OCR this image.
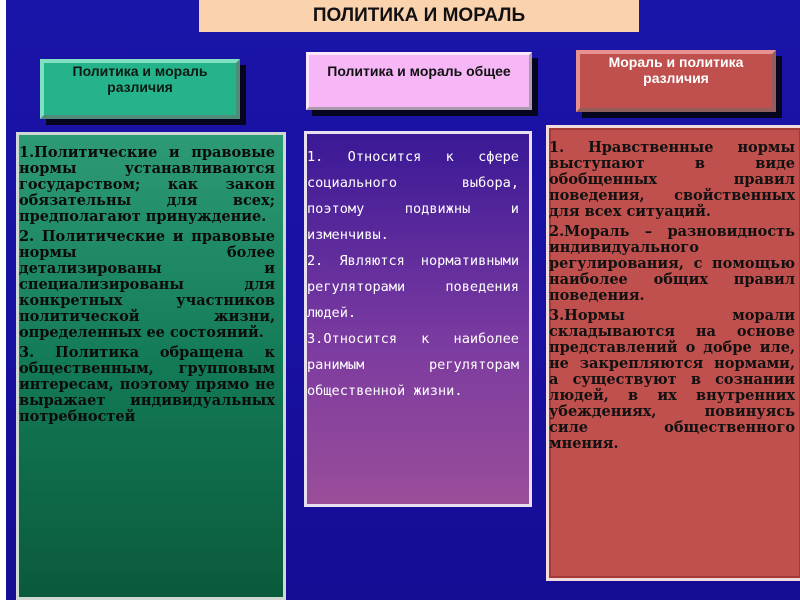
ПОЛИТИКА И МОРАЛЬ
Политика и мораль различия
Политика и мораль общее
Мораль и политика различия
1.Политические и правовые нормы устанавливаются государством; как закон обязательны для всех; предполагают принуждение.
2. Политические и правовые нормы более детализированы и специализированы для конкретных участников политической жизни, определенных ее состояний.
3. Политика обращена к общественным, групповым интересам, поэтому прямо не выражает индивидуальных потребностей
1. Относится к сфере социального выбора, поэтому подвижны и изменчивы.
2. Являются нормативными регуляторами поведения людей.
3.Относится к наиболее ранимым регуляторам общественной жизни.
1. Нравственные нормы выступают в виде обобщенных правил поведения, свойственных для всех ситуаций.
2.Мораль – разновидность индивидуального регулирования, с помощью наиболее общих правил поведения.
3.Нормы морали складываются на основе представлений о добре иле, не закрепляются нормами, а существуют в сознании людей, в их внутренних убеждениях, повинуясь силе общественного мнения.
